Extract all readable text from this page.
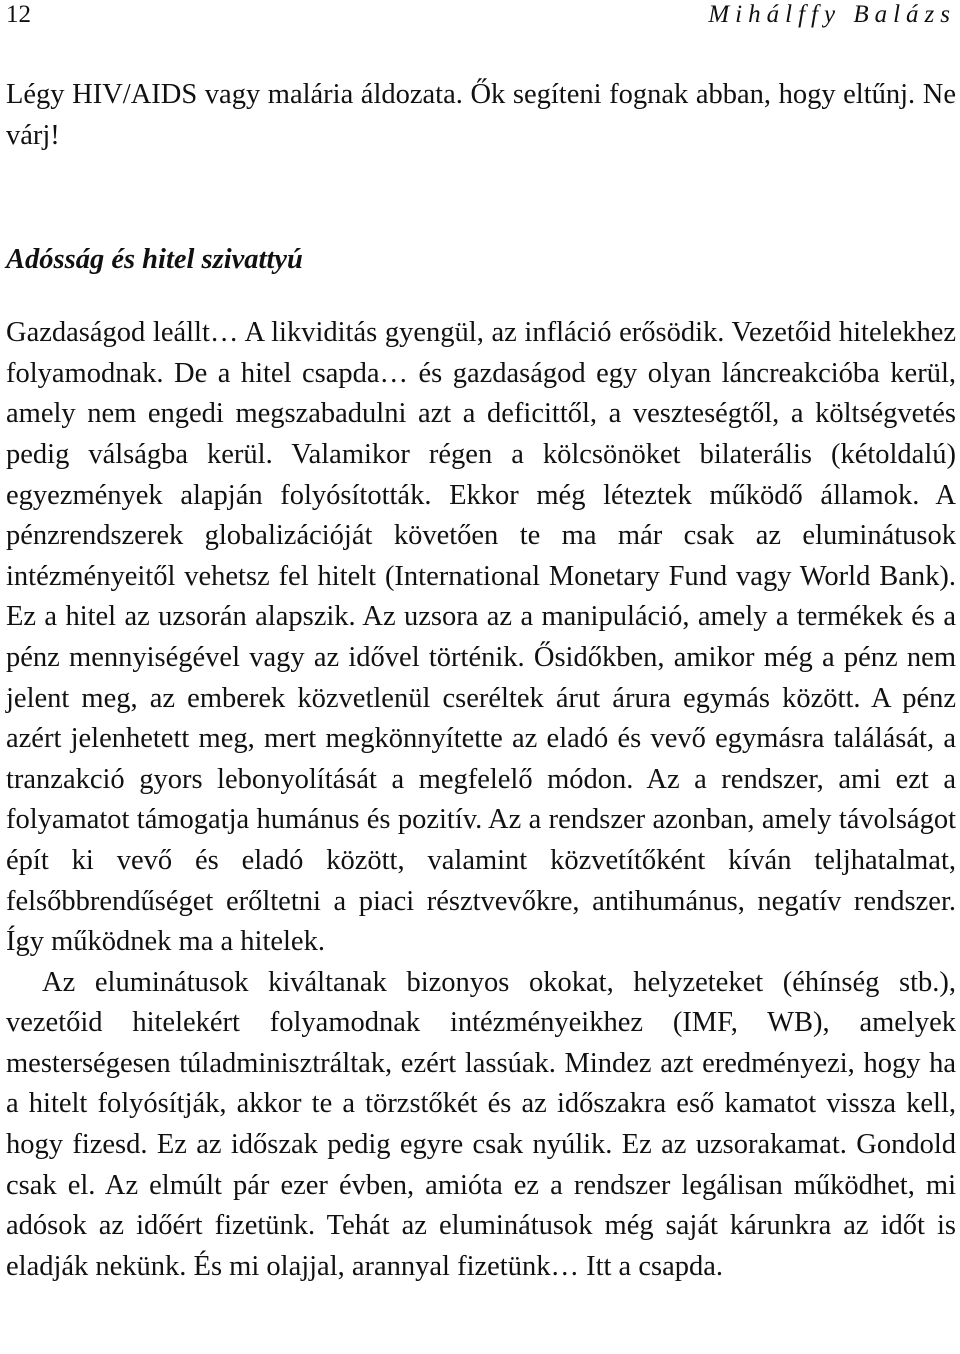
12	Mihálffy Balázs

Légy HIV/AIDS vagy malária áldozata. Ők segíteni fognak abban, hogy eltűnj. Ne várj!

Adósság és hitel szivattyú

Gazdaságod leállt… A likviditás gyengül, az infláció erősödik. Vezetőid hitelekhez folyamodnak. De a hitel csapda… és gazdaságod egy olyan láncreakcióba kerül, amely nem engedi megszabadulni azt a deficittől, a veszteségtől, a költségvetés pedig válságba kerül. Valamikor régen a kölcsönöket bilaterális (kétoldalú) egyezmények alapján folyósították. Ekkor még léteztek működő államok. A pénzrendszerek globalizációját követően te ma már csak az eluminátusok intézményeitől vehetsz fel hitelt (International Monetary Fund vagy World Bank). Ez a hitel az uzsorán alapszik. Az uzsora az a manipuláció, amely a termékek és a pénz mennyiségével vagy az idővel történik. Ősidőkben, amikor még a pénz nem jelent meg, az emberek közvetlenül cseréltek árut árura egymás között. A pénz azért jelenhetett meg, mert megkönnyítette az eladó és vevő egymásra találását, a tranzakció gyors lebonyolítását a megfelelő módon. Az a rendszer, ami ezt a folyamatot támogatja humánus és pozitív. Az a rendszer azonban, amely távolságot épít ki vevő és eladó között, valamint közvetítőként kíván teljhatalmat, felsőbbrendűséget erőltetni a piaci résztvevőkre, antihumánus, negatív rendszer. Így működnek ma a hitelek.

Az eluminátusok kiváltanak bizonyos okokat, helyzeteket (éhínség stb.), vezetőid hitelekért folyamodnak intézményeikhez (IMF, WB), amelyek mesterségesen túladminisztráltak, ezért lassúak. Mindez azt eredményezi, hogy ha a hitelt folyósítják, akkor te a törzstőkét és az időszakra eső kamatot vissza kell, hogy fizesd. Ez az időszak pedig egyre csak nyúlik. Ez az uzsorakamat. Gondold csak el. Az elmúlt pár ezer évben, amióta ez a rendszer legálisan működhet, mi adósok az időért fizetünk. Tehát az eluminátusok még saját kárunkra az időt is eladják nekünk. És mi olajjal, arannyal fizetünk… Itt a csapda.
